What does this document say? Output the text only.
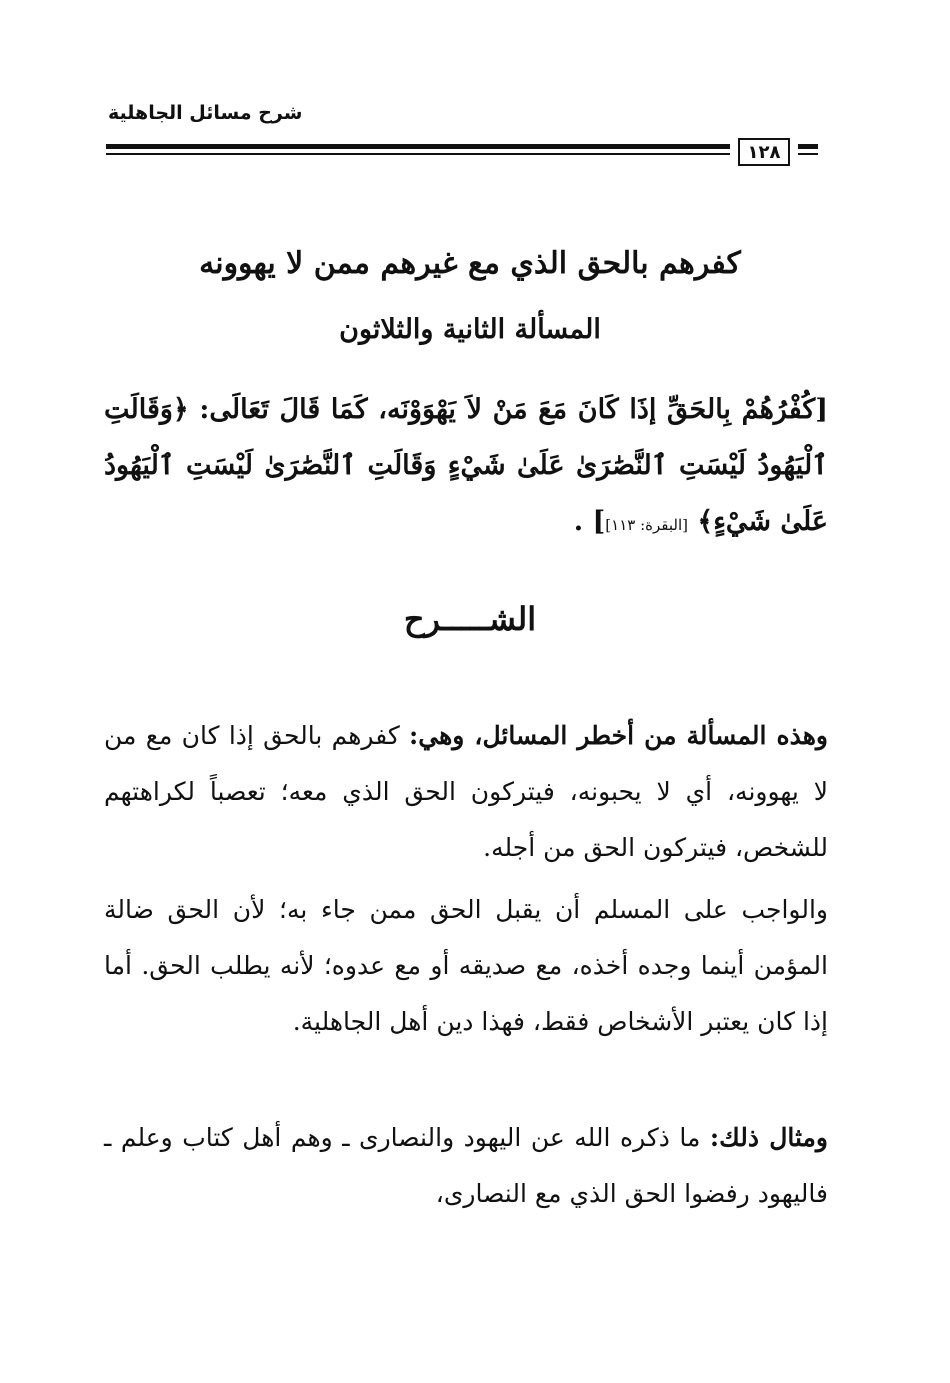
شرح مسائل الجاهلية
١٢٨
كفرهم بالحق الذي مع غيرهم ممن لا يهوونه
المسألة الثانية والثلاثون
[كُفْرُهُمْ بِالحَقِّ إذَا كَانَ مَعَ مَنْ لاَ يَهْوَوْنَه، كَمَا قَالَ تَعَالَى: ﴿وَقَالَتِ ٱلْيَهُودُ لَيْسَتِ ٱلنَّصَٰرَىٰ عَلَىٰ شَيْءٍ وَقَالَتِ ٱلنَّصَٰرَىٰ لَيْسَتِ ٱلْيَهُودُ عَلَىٰ شَيْءٍ﴾ [البقرة: ١١٣]] .
الشـــــرح
وهذه المسألة من أخطر المسائل، وهي: كفرهم بالحق إذا كان مع من لا يهوونه، أي لا يحبونه، فيتركون الحق الذي معه؛ تعصباً لكراهتهم للشخص، فيتركون الحق من أجله.
والواجب على المسلم أن يقبل الحق ممن جاء به؛ لأن الحق ضالة المؤمن أينما وجده أخذه، مع صديقه أو مع عدوه؛ لأنه يطلب الحق. أما إذا كان يعتبر الأشخاص فقط، فهذا دين أهل الجاهلية.
ومثال ذلك: ما ذكره الله عن اليهود والنصارى ـ وهم أهل كتاب وعلم ـ فاليهود رفضوا الحق الذي مع النصارى،
